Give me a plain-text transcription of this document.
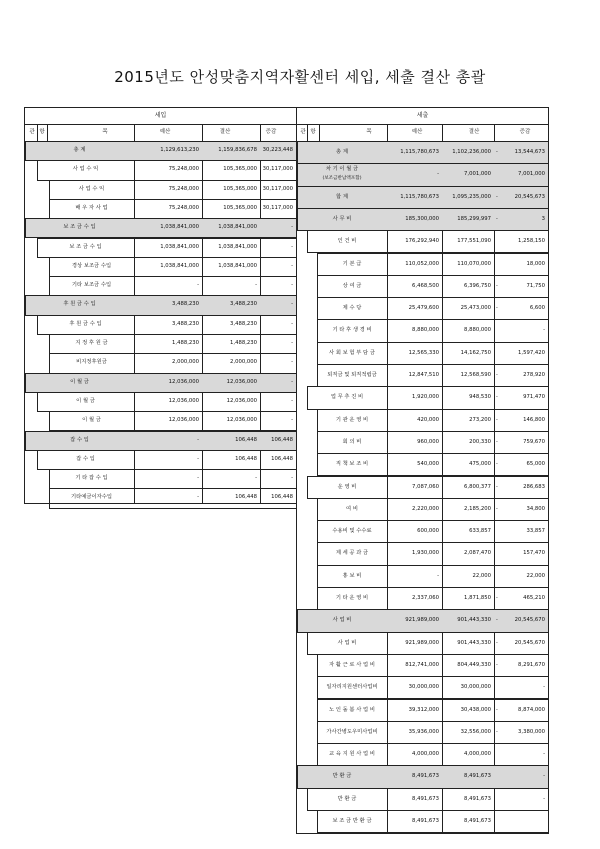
2015년도 안성맞춤지역자활센터 세입, 세출 결산 총괄
세입
관 항	목	예산	결산	증감
총 계	1,129,613,230	1,159,836,678	30,223,448
사 업 수 익	75,248,000	105,365,000	30,117,000
사 업 수 익	75,248,000	105,365,000	30,117,000
배 우 자 사 업	75,248,000	105,365,000	30,117,000
보 조 금 수 입	1,038,841,000	1,038,841,000	-
보 조 금 수 입	1,038,841,000	1,038,841,000	-
경상 보조금 수입	1,038,841,000	1,038,841,000	-
기타 보조금 수입	-	-	-
후 원 금 수 입	3,488,230	3,488,230	-
후 원 금 수 입	3,488,230	3,488,230	-
지 정 후 원 금	1,488,230	1,488,230	-
비지정후원금	2,000,000	2,000,000	-
이 월 금	12,036,000	12,036,000	-
이 월 금	12,036,000	12,036,000	-
이 월 금	12,036,000	12,036,000	-
잡 수 입	-	106,448	106,448
잡 수 입	-	106,448	106,448
기 타 잡 수 입	-	-	-
기타예금이자수입	-	106,448	106,448
세출
관 항	목	예산	결산	증감
총 계	1,115,780,673	1,102,236,000	13,544,673
-
차 기 이 월 금
(보조금반납액포함)
-	7,001,000	7,001,000
합 계	1,115,780,673	1,095,235,000	20,545,673
-
사 무 비	185,300,000	185,299,997	3
-
인 건 비	176,292,940	177,551,090	1,258,150
기 본 급	110,052,000	110,070,000	18,000
상 여 금	6,468,500	6,396,750	71,750
-
제 수 당	25,479,600	25,473,000	6,600
-
기 타 후 생 경 비	8,880,000	8,880,000	-
사 회 보 험 부 담 금	12,565,330	14,162,750	1,597,420
퇴직금 및 퇴직적립금	12,847,510	12,568,590	278,920
-
업 무 추 진 비	1,920,000	948,530	971,470
-
기 관 운 영 비	420,000	273,200	146,800
-
회 의 비	960,000	200,330	759,670
-
직 책 보 조 비	540,000	475,000	65,000
-
운 영 비	7,087,060	6,800,377	286,683
-
여 비	2,220,000	2,185,200	34,800
-
수용비 및 수수료	600,000	633,857	33,857
제 세 공 과 금	1,930,000	2,087,470	157,470
홍 보 비	-	22,000	22,000
기 타 운 영 비	2,337,060	1,871,850	465,210
-
사 업 비	921,989,000	901,443,330	20,545,670
-
사 업 비	921,989,000	901,443,330	20,545,670
-
자 활 근 로 사 업 비	812,741,000	804,449,330	8,291,670
-
일자리지원센터사업비	30,000,000	30,000,000	-
노 인 돌 봄 사 업 비	39,312,000	30,438,000	8,874,000
-
가사간병도우미사업비	35,936,000	32,556,000	3,380,000
-
교 육 지 원 사 업 비	4,000,000	4,000,000	-
반 환 금	8,491,673	8,491,673	-
반 환 금	8,491,673	8,491,673	-
보 조 금 반 환 금	8,491,673	8,491,673
